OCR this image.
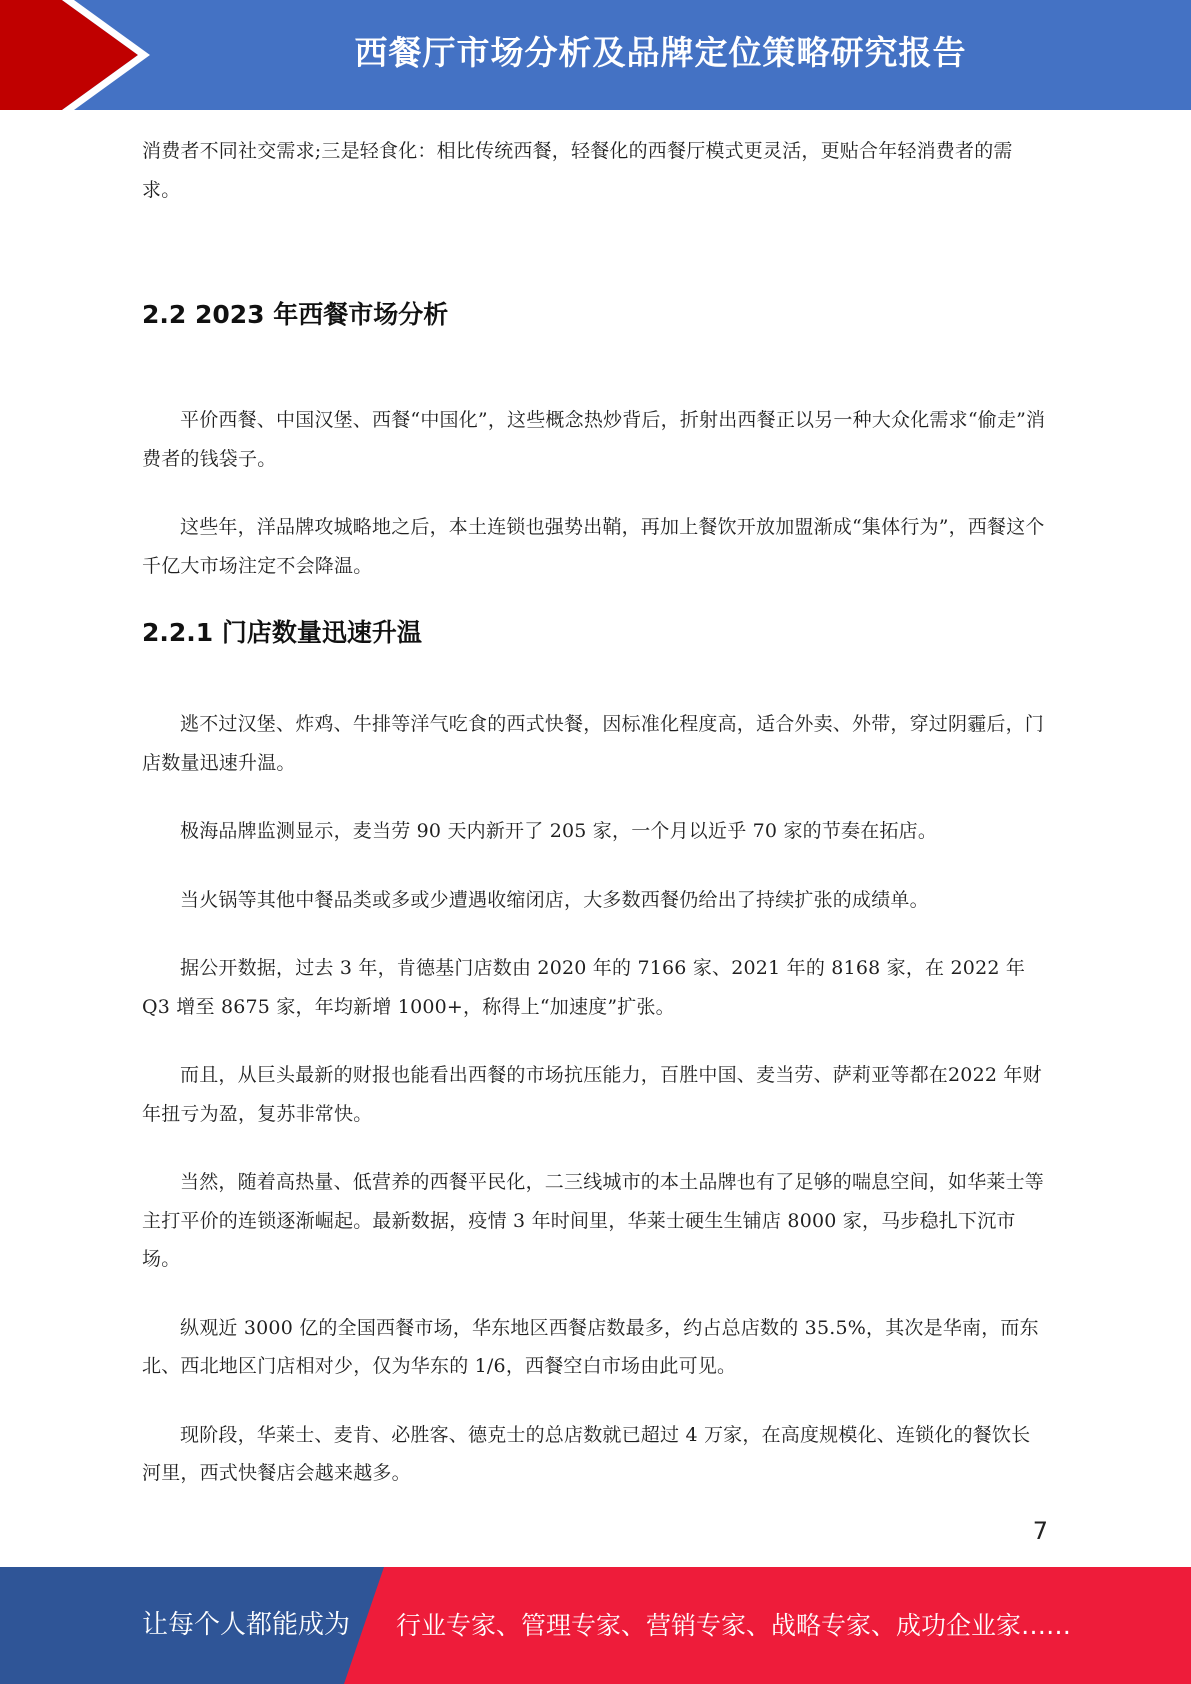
西餐厅市场分析及品牌定位策略研究报告

消费者不同社交需求;三是轻食化：相比传统西餐，轻餐化的西餐厅模式更灵活，更贴合年轻消费者的需求。

2.2 2023 年西餐市场分析

平价西餐、中国汉堡、西餐“中国化”，这些概念热炒背后，折射出西餐正以另一种大众化需求“偷走”消费者的钱袋子。

这些年，洋品牌攻城略地之后，本土连锁也强势出鞘，再加上餐饮开放加盟渐成“集体行为”，西餐这个千亿大市场注定不会降温。

2.2.1 门店数量迅速升温

逃不过汉堡、炸鸡、牛排等洋气吃食的西式快餐，因标准化程度高，适合外卖、外带，穿过阴霾后，门店数量迅速升温。

极海品牌监测显示，麦当劳 90 天内新开了 205 家，一个月以近乎 70 家的节奏在拓店。

当火锅等其他中餐品类或多或少遭遇收缩闭店，大多数西餐仍给出了持续扩张的成绩单。

据公开数据，过去 3 年，肯德基门店数由 2020 年的 7166 家、2021 年的 8168 家，在 2022 年Q3 增至 8675 家，年均新增 1000+，称得上“加速度”扩张。

而且，从巨头最新的财报也能看出西餐的市场抗压能力，百胜中国、麦当劳、萨莉亚等都在2022 年财年扭亏为盈，复苏非常快。

当然，随着高热量、低营养的西餐平民化，二三线城市的本土品牌也有了足够的喘息空间，如华莱士等主打平价的连锁逐渐崛起。最新数据，疫情 3 年时间里，华莱士硬生生铺店 8000 家，马步稳扎下沉市场。

纵观近 3000 亿的全国西餐市场，华东地区西餐店数最多，约占总店数的 35.5%，其次是华南，而东北、西北地区门店相对少，仅为华东的 1/6，西餐空白市场由此可见。

现阶段，华莱士、麦肯、必胜客、德克士的总店数就已超过 4 万家，在高度规模化、连锁化的餐饮长河里，西式快餐店会越来越多。

7
让每个人都能成为 行业专家、管理专家、营销专家、战略专家、成功企业家……
